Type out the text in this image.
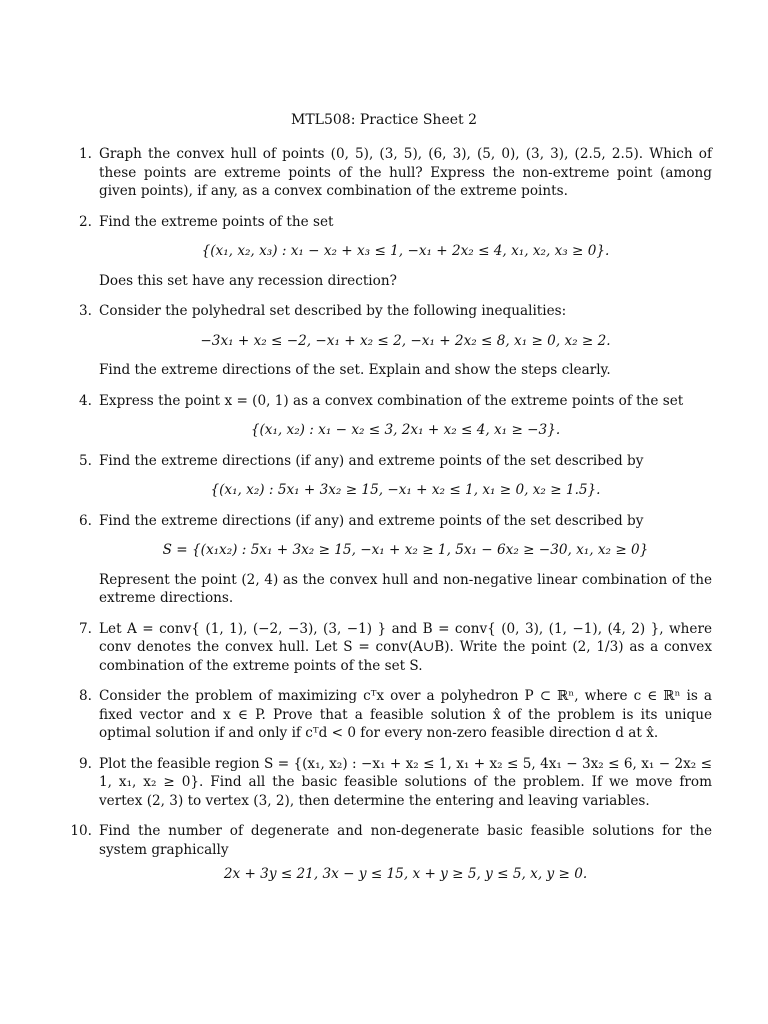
MTL508: Practice Sheet 2
1. Graph the convex hull of points (0, 5), (3, 5), (6, 3), (5, 0), (3, 3), (2.5, 2.5). Which of these points are extreme points of the hull? Express the non-extreme point (among given points), if any, as a convex combination of the extreme points.

2. Find the extreme points of the set

{(x₁, x₂, x₃) : x₁ − x₂ + x₃ ≤ 1, −x₁ + 2x₂ ≤ 4, x₁, x₂, x₃ ≥ 0}.

Does this set have any recession direction?

3. Consider the polyhedral set described by the following inequalities:

−3x₁ + x₂ ≤ −2, −x₁ + x₂ ≤ 2, −x₁ + 2x₂ ≤ 8, x₁ ≥ 0, x₂ ≥ 2.

Find the extreme directions of the set. Explain and show the steps clearly.

4. Express the point x = (0, 1) as a convex combination of the extreme points of the set

{(x₁, x₂) : x₁ − x₂ ≤ 3, 2x₁ + x₂ ≤ 4, x₁ ≥ −3}.
5. Find the extreme directions (if any) and extreme points of the set described by

{(x₁, x₂) : 5x₁ + 3x₂ ≥ 15, −x₁ + x₂ ≤ 1, x₁ ≥ 0, x₂ ≥ 1.5}.
6. Find the extreme directions (if any) and extreme points of the set described by

S = {(x₁x₂) : 5x₁ + 3x₂ ≥ 15, −x₁ + x₂ ≥ 1, 5x₁ − 6x₂ ≥ −30, x₁, x₂ ≥ 0}

Represent the point (2, 4) as the convex hull and non-negative linear combination of the extreme directions.

7. Let A = conv{ (1, 1), (−2, −3), (3, −1) } and B = conv{ (0, 3), (1, −1), (4, 2) }, where conv denotes the convex hull. Let S = conv(A∪B). Write the point (2, 1/3) as a convex combination of the extreme points of the set S.

8. Consider the problem of maximizing cᵀx over a polyhedron P ⊂ ℝⁿ, where c ∈ ℝⁿ is a fixed vector and x ∈ P. Prove that a feasible solution x̂ of the problem is its unique optimal solution if and only if cᵀd < 0 for every non-zero feasible direction d at x̂.

9. Plot the feasible region S = {(x₁, x₂) : −x₁ + x₂ ≤ 1, x₁ + x₂ ≤ 5, 4x₁ − 3x₂ ≤ 6, x₁ − 2x₂ ≤ 1, x₁, x₂ ≥ 0}. Find all the basic feasible solutions of the problem. If we move from vertex (2, 3) to vertex (3, 2), then determine the entering and leaving variables.

10. Find the number of degenerate and non-degenerate basic feasible solutions for the system graphically

2x + 3y ≤ 21, 3x − y ≤ 15, x + y ≥ 5, y ≤ 5, x, y ≥ 0.
